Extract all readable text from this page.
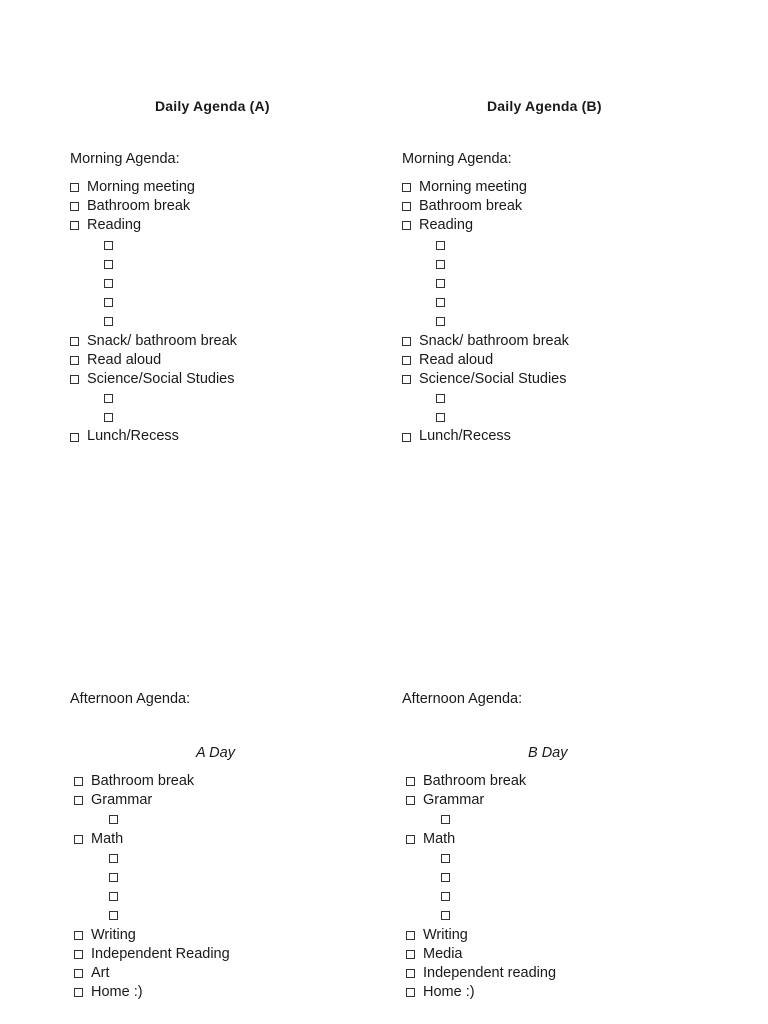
Daily Agenda (A)
Morning Agenda:
Morning meeting
Bathroom break
Reading
Snack/ bathroom break
Read aloud
Science/Social Studies
Lunch/Recess
Afternoon Agenda:
A Day
Bathroom break
Grammar
Math
Writing
Independent Reading
Art
Home :)
Daily Agenda (B)
Morning Agenda:
Morning meeting
Bathroom break
Reading
Snack/ bathroom break
Read aloud
Science/Social Studies
Lunch/Recess
Afternoon Agenda:
B Day
Bathroom break
Grammar
Math
Writing
Media
Independent reading
Home :)
